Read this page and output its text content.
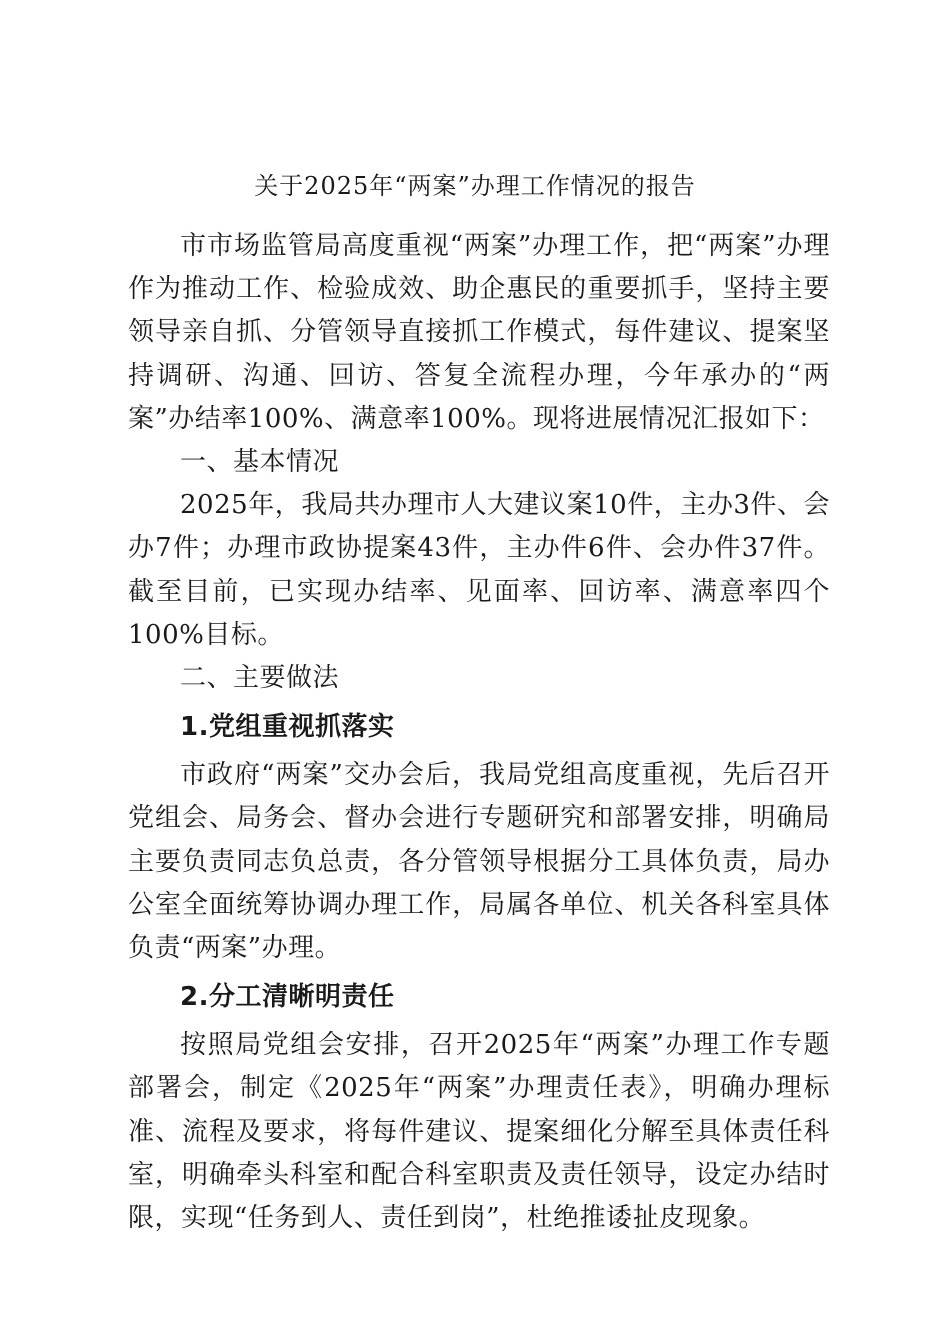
关于2025年“两案”办理工作情况的报告

市市场监管局高度重视“两案”办理工作，把“两案”办理作为推动工作、检验成效、助企惠民的重要抓手，坚持主要领导亲自抓、分管领导直接抓工作模式，每件建议、提案坚持调研、沟通、回访、答复全流程办理，今年承办的“两案”办结率100%、满意率100%。现将进展情况汇报如下：

一、基本情况

2025年，我局共办理市人大建议案10件，主办3件、会办7件；办理市政协提案43件，主办件6件、会办件37件。截至目前，已实现办结率、见面率、回访率、满意率四个100%目标。

二、主要做法

1.党组重视抓落实

市政府“两案”交办会后，我局党组高度重视，先后召开党组会、局务会、督办会进行专题研究和部署安排，明确局主要负责同志负总责，各分管领导根据分工具体负责，局办公室全面统筹协调办理工作，局属各单位、机关各科室具体负责“两案”办理。

2.分工清晰明责任

按照局党组会安排，召开2025年“两案”办理工作专题部署会，制定《2025年“两案”办理责任表》，明确办理标准、流程及要求，将每件建议、提案细化分解至具体责任科室，明确牵头科室和配合科室职责及责任领导，设定办结时限，实现“任务到人、责任到岗”，杜绝推诿扯皮现象。
